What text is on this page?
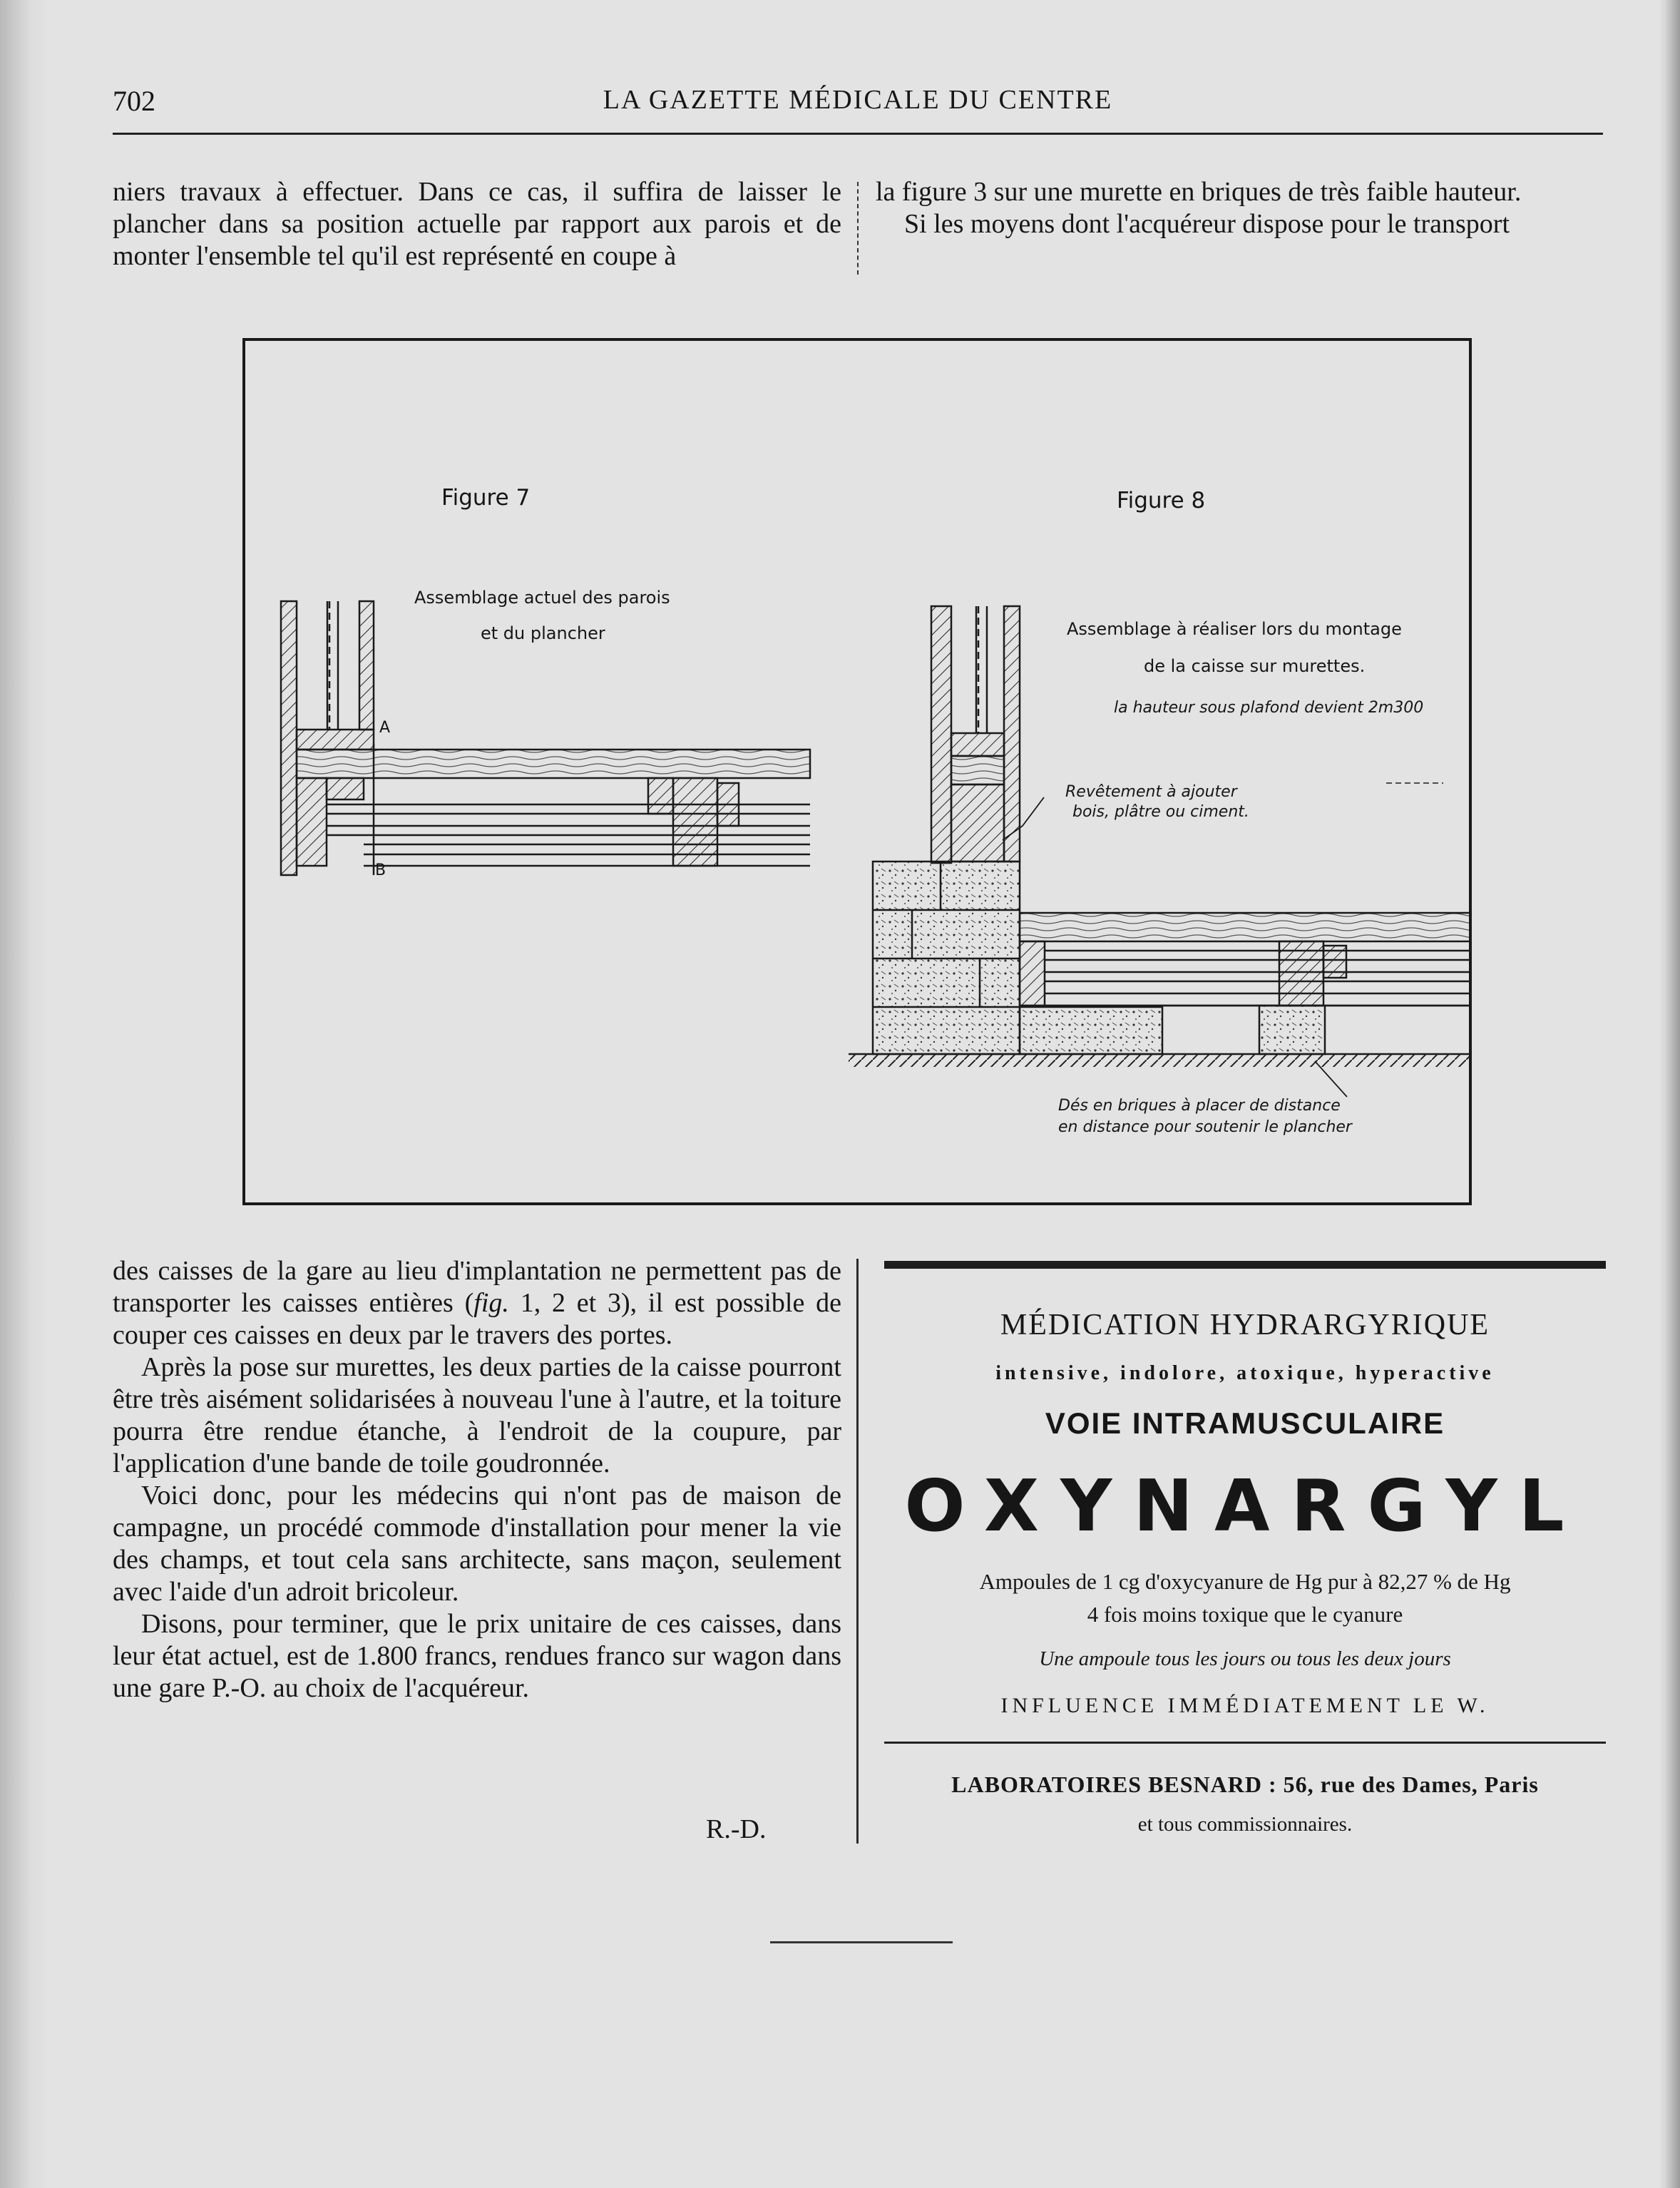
702	LA GAZETTE MÉDICALE DU CENTRE

niers travaux à effectuer. Dans ce cas, il suffira de laisser le plancher dans sa position actuelle par rapport aux parois et de monter l'ensemble tel qu'il est représenté en coupe à

la figure 3 sur une murette en briques de très faible hauteur.

Si les moyens dont l'acquéreur dispose pour le transport

Figure 7
Assemblage actuel des parois
et du plancher
A
B
Figure 8
Assemblage à réaliser lors du montage
de la caisse sur murettes.
la hauteur sous plafond devient 2m300
Revêtement à ajouter
bois, plâtre ou ciment.
Dés en briques à placer de distance
en distance pour soutenir le plancher

des caisses de la gare au lieu d'implantation ne permettent pas de transporter les caisses entières (fig. 1, 2 et 3), il est possible de couper ces caisses en deux par le travers des portes.

Après la pose sur murettes, les deux parties de la caisse pourront être très aisément solidarisées à nouveau l'une à l'autre, et la toiture pourra être rendue étanche, à l'endroit de la coupure, par l'application d'une bande de toile goudronnée.

Voici donc, pour les médecins qui n'ont pas de maison de campagne, un procédé commode d'installation pour mener la vie des champs, et tout cela sans architecte, sans maçon, seulement avec l'aide d'un adroit bricoleur.

Disons, pour terminer, que le prix unitaire de ces caisses, dans leur état actuel, est de 1.800 francs, rendues franco sur wagon dans une gare P.-O. au choix de l'acquéreur.

R.-D.
MÉDICATION HYDRARGYRIQUE
intensive, indolore, atoxique, hyperactive
VOIE INTRAMUSCULAIRE
OXYNARGYL
Ampoules de 1 cg d'oxycyanure de Hg pur à 82,27 % de Hg
4 fois moins toxique que le cyanure
Une ampoule tous les jours ou tous les deux jours
INFLUENCE IMMÉDIATEMENT LE W.
LABORATOIRES BESNARD : 56, rue des Dames, Paris
et tous commissionnaires.
